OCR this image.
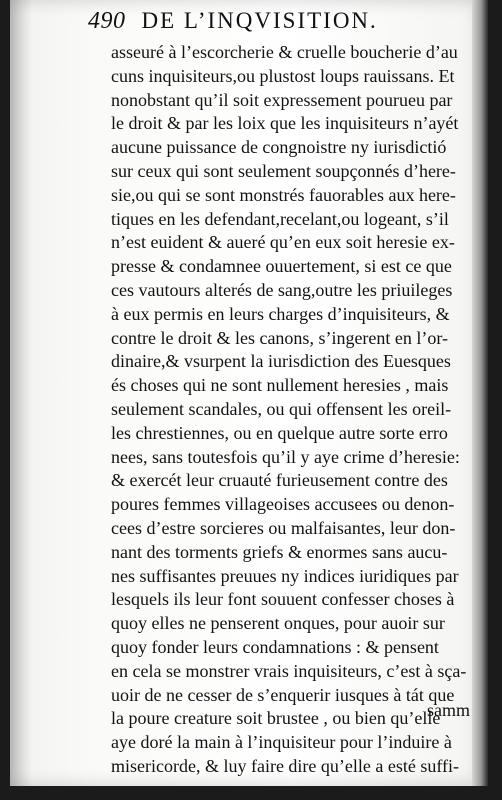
490 DE L’INQVISITION.
asseuré à l’escorcherie & cruelle boucherie d’au
cuns inquisiteurs,ou plustost loups rauissans. Et
nonobstant qu’il soit expressement pourueu par
le droit & par les loix que les inquisiteurs n’ayét
aucune puissance de congnoistre ny iurisdictió
sur ceux qui sont seulement soupçonnés d’here-
sie,ou qui se sont monstrés fauorables aux here-
tiques en les defendant,recelant,ou logeant, s’il
n’est euident & aueré qu’en eux soit heresie ex-
presse & condamnee ouuertement, si est ce que
ces vautours alterés de sang,outre les priuileges
à eux permis en leurs charges d’inquisiteurs, &
contre le droit & les canons, s’ingerent en l’or-
dinaire,& vsurpent la iurisdiction des Euesques
és choses qui ne sont nullement heresies , mais
seulement scandales, ou qui offensent les oreil-
les chrestiennes, ou en quelque autre sorte erro
nees, sans toutesfois qu’il y aye crime d’heresie:
& exercét leur cruauté furieusement contre des
poures femmes villageoises accusees ou denon-
cees d’estre sorcieres ou malfaisantes, leur don-
nant des torments griefs & enormes sans aucu-
nes suffisantes preuues ny indices iuridiques par
lesquels ils leur font souuent confesser choses à
quoy elles ne penserent onques, pour auoir sur
quoy fonder leurs condamnations : & pensent
en cela se monstrer vrais inquisiteurs, c’est à sça-
uoir de ne cesser de s’enquerir iusques à tát que
la poure creature soit brustee , ou bien qu’elle
aye doré la main à l’inquisiteur pour l’induire à
misericorde, & luy faire dire qu’elle a esté suffi-
samm
